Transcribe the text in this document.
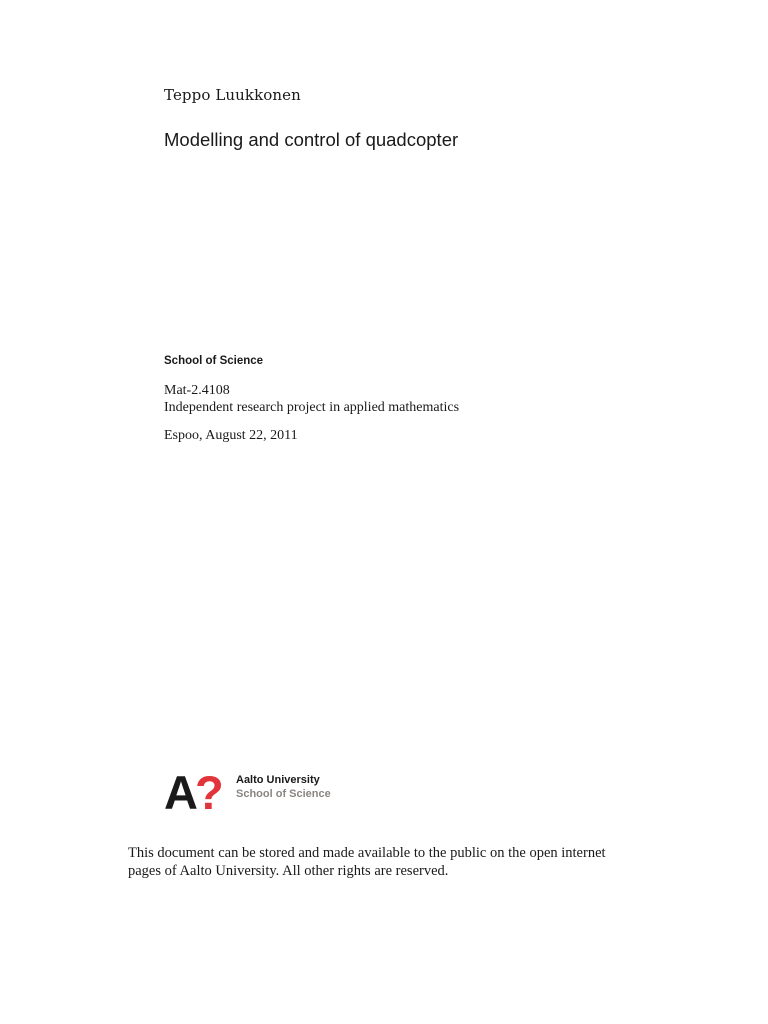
Teppo Luukkonen
Modelling and control of quadcopter
School of Science
Mat-2.4108
Independent research project in applied mathematics
Espoo, August 22, 2011
A? Aalto University
School of Science
This document can be stored and made available to the public on the open internet
pages of Aalto University. All other rights are reserved.
